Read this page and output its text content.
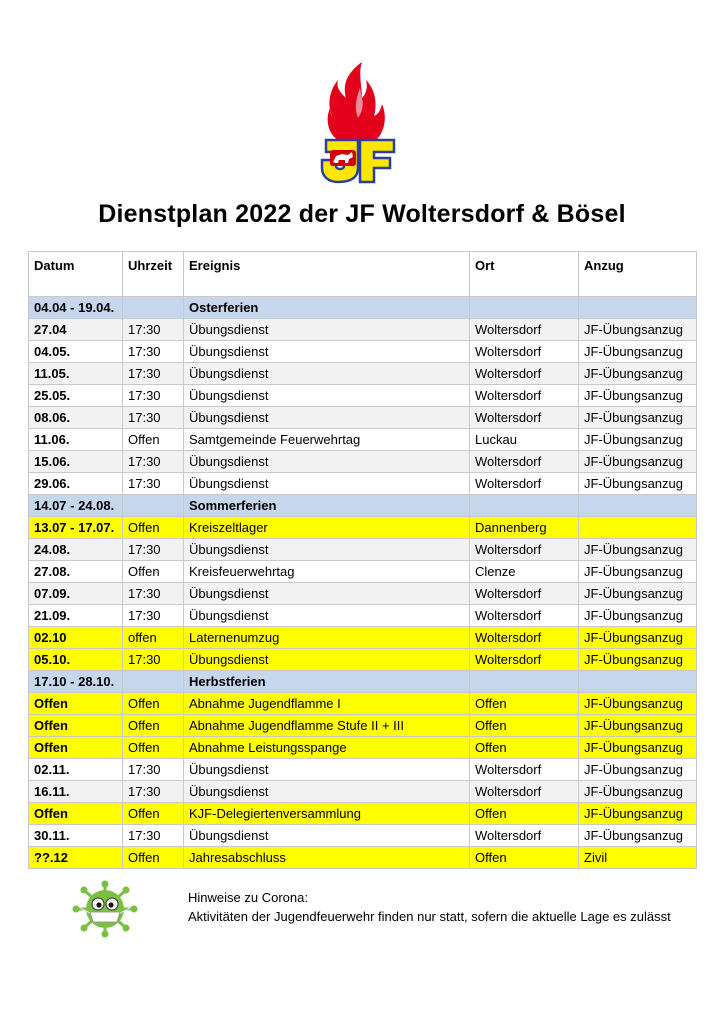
Dienstplan 2022 der JF Woltersdorf & Bösel
Datum	Uhrzeit	Ereignis	Ort	Anzug
04.04 - 19.04.		Osterferien		
27.04	17:30	Übungsdienst	Woltersdorf	JF-Übungsanzug
04.05.	17:30	Übungsdienst	Woltersdorf	JF-Übungsanzug
11.05.	17:30	Übungsdienst	Woltersdorf	JF-Übungsanzug
25.05.	17:30	Übungsdienst	Woltersdorf	JF-Übungsanzug
08.06.	17:30	Übungsdienst	Woltersdorf	JF-Übungsanzug
11.06.	Offen	Samtgemeinde Feuerwehrtag	Luckau	JF-Übungsanzug
15.06.	17:30	Übungsdienst	Woltersdorf	JF-Übungsanzug
29.06.	17:30	Übungsdienst	Woltersdorf	JF-Übungsanzug
14.07 - 24.08.		Sommerferien		
13.07 - 17.07.	Offen	Kreiszeltlager	Dannenberg	
24.08.	17:30	Übungsdienst	Woltersdorf	JF-Übungsanzug
27.08.	Offen	Kreisfeuerwehrtag	Clenze	JF-Übungsanzug
07.09.	17:30	Übungsdienst	Woltersdorf	JF-Übungsanzug
21.09.	17:30	Übungsdienst	Woltersdorf	JF-Übungsanzug
02.10	offen	Laternenumzug	Woltersdorf	JF-Übungsanzug
05.10.	17:30	Übungsdienst	Woltersdorf	JF-Übungsanzug
17.10 - 28.10.		Herbstferien		
Offen	Offen	Abnahme Jugendflamme I	Offen	JF-Übungsanzug
Offen	Offen	Abnahme Jugendflamme Stufe II + III	Offen	JF-Übungsanzug
Offen	Offen	Abnahme Leistungsspange	Offen	JF-Übungsanzug
02.11.	17:30	Übungsdienst	Woltersdorf	JF-Übungsanzug
16.11.	17:30	Übungsdienst	Woltersdorf	JF-Übungsanzug
Offen	Offen	KJF-Delegiertenversammlung	Offen	JF-Übungsanzug
30.11.	17:30	Übungsdienst	Woltersdorf	JF-Übungsanzug
??.12	Offen	Jahresabschluss	Offen	Zivil
Hinweise zu Corona:
Aktivitäten der Jugendfeuerwehr finden nur statt, sofern die aktuelle Lage es zulässt
